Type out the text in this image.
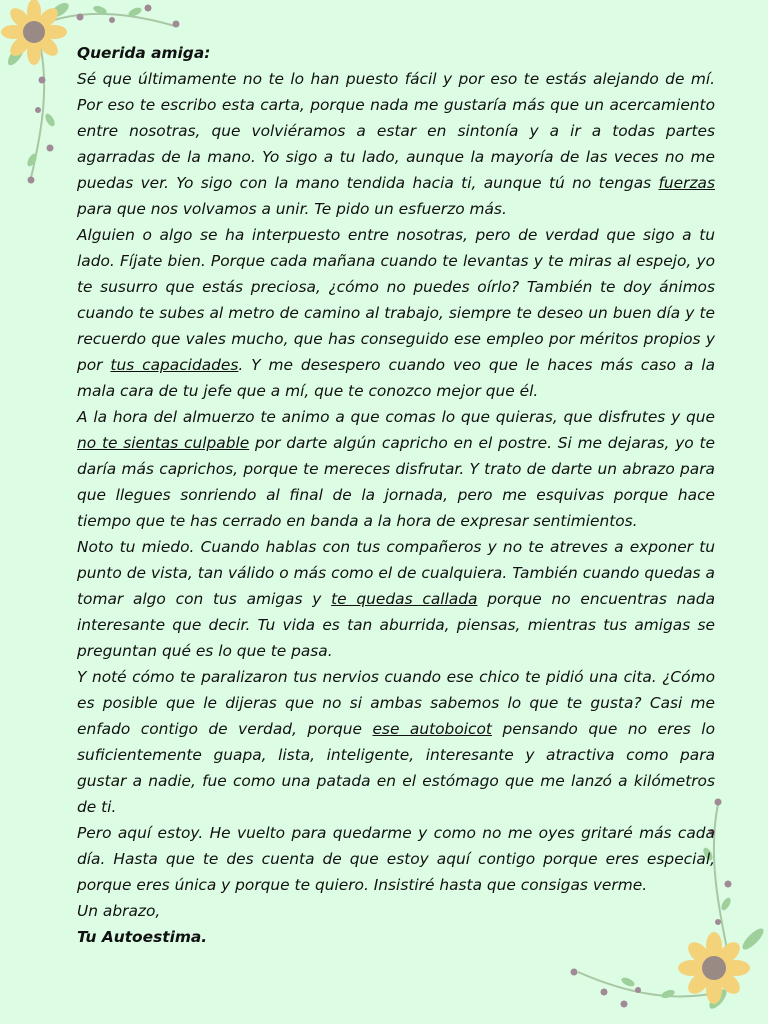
Querida amiga:

Sé que últimamente no te lo han puesto fácil y por eso te estás alejando de mí. Por eso te escribo esta carta, porque nada me gustaría más que un acercamiento entre nosotras, que volviéramos a estar en sintonía y a ir a todas partes agarradas de la mano. Yo sigo a tu lado, aunque la mayoría de las veces no me puedas ver. Yo sigo con la mano tendida hacia ti, aunque tú no tengas fuerzas para que nos volvamos a unir. Te pido un esfuerzo más.

Alguien o algo se ha interpuesto entre nosotras, pero de verdad que sigo a tu lado. Fíjate bien. Porque cada mañana cuando te levantas y te miras al espejo, yo te susurro que estás preciosa, ¿cómo no puedes oírlo? También te doy ánimos cuando te subes al metro de camino al trabajo, siempre te deseo un buen día y te recuerdo que vales mucho, que has conseguido ese empleo por méritos propios y por tus capacidades. Y me desespero cuando veo que le haces más caso a la mala cara de tu jefe que a mí, que te conozco mejor que él.

A la hora del almuerzo te animo a que comas lo que quieras, que disfrutes y que no te sientas culpable por darte algún capricho en el postre. Si me dejaras, yo te daría más caprichos, porque te mereces disfrutar. Y trato de darte un abrazo para que llegues sonriendo al final de la jornada, pero me esquivas porque hace tiempo que te has cerrado en banda a la hora de expresar sentimientos.

Noto tu miedo. Cuando hablas con tus compañeros y no te atreves a exponer tu punto de vista, tan válido o más como el de cualquiera. También cuando quedas a tomar algo con tus amigas y te quedas callada porque no encuentras nada interesante que decir. Tu vida es tan aburrida, piensas, mientras tus amigas se preguntan qué es lo que te pasa.

Y noté cómo te paralizaron tus nervios cuando ese chico te pidió una cita. ¿Cómo es posible que le dijeras que no si ambas sabemos lo que te gusta? Casi me enfado contigo de verdad, porque ese autoboicot pensando que no eres lo suficientemente guapa, lista, inteligente, interesante y atractiva como para gustar a nadie, fue como una patada en el estómago que me lanzó a kilómetros de ti.

Pero aquí estoy. He vuelto para quedarme y como no me oyes gritaré más cada día. Hasta que te des cuenta de que estoy aquí contigo porque eres especial, porque eres única y porque te quiero. Insistiré hasta que consigas verme.

Un abrazo,

Tu Autoestima.
